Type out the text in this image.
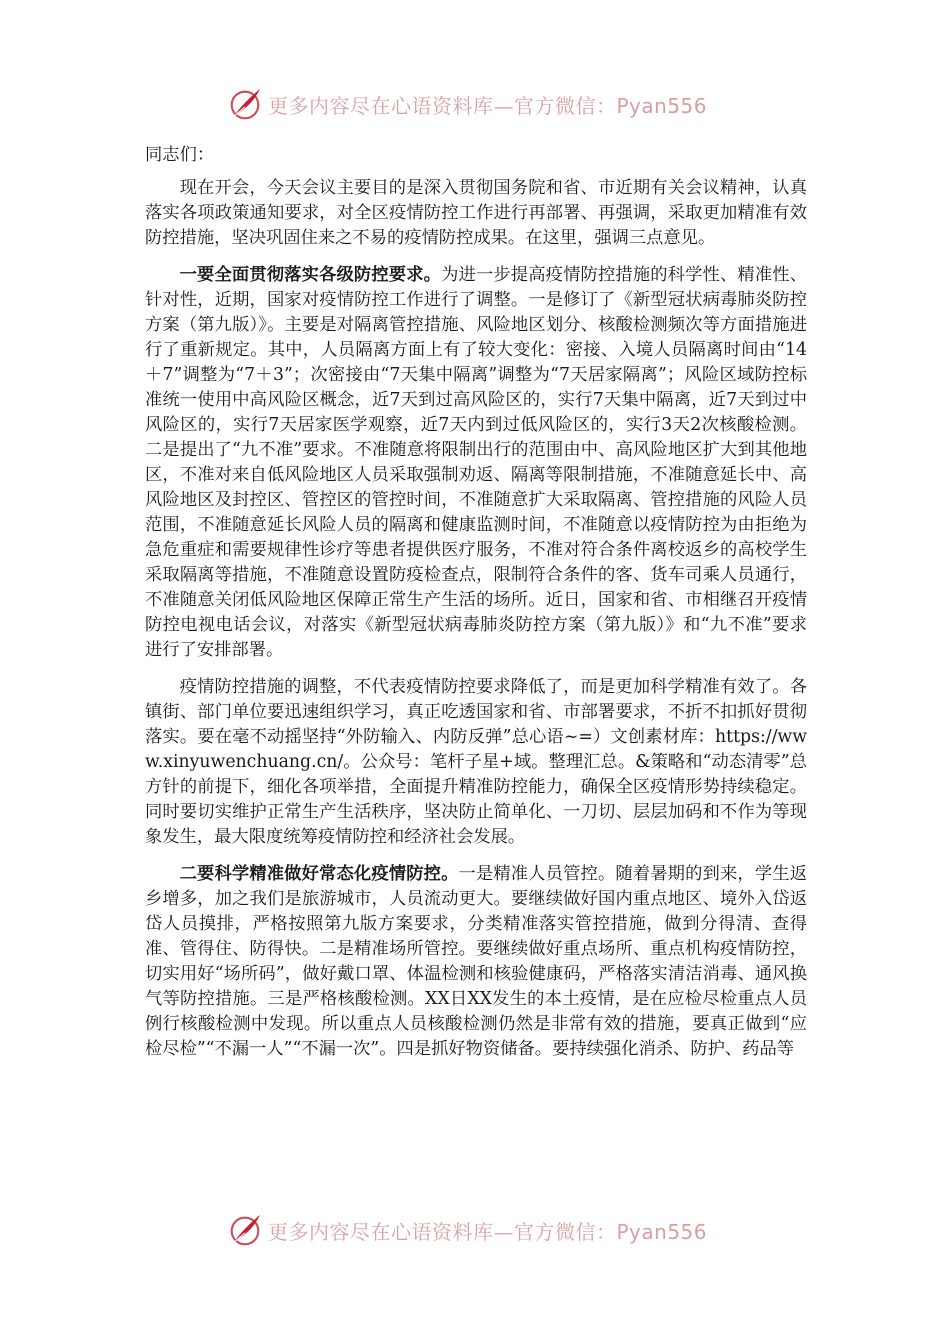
更多内容尽在心语资料库—官方微信：Pyan556

同志们：

现在开会，今天会议主要目的是深入贯彻国务院和省、市近期有关会议精神，认真落实各项政策通知要求，对全区疫情防控工作进行再部署、再强调，采取更加精准有效防控措施，坚决巩固住来之不易的疫情防控成果。在这里，强调三点意见。

一要全面贯彻落实各级防控要求。为进一步提高疫情防控措施的科学性、精准性、针对性，近期，国家对疫情防控工作进行了调整。一是修订了《新型冠状病毒肺炎防控方案（第九版）》。主要是对隔离管控措施、风险地区划分、核酸检测频次等方面措施进行了重新规定。其中，人员隔离方面上有了较大变化：密接、入境人员隔离时间由“14＋7”调整为“7＋3”；次密接由“7天集中隔离”调整为“7天居家隔离”；风险区域防控标准统一使用中高风险区概念，近7天到过高风险区的，实行7天集中隔离，近7天到过中风险区的，实行7天居家医学观察，近7天内到过低风险区的，实行3天2次核酸检测。二是提出了“九不准”要求。不准随意将限制出行的范围由中、高风险地区扩大到其他地区，不准对来自低风险地区人员采取强制劝返、隔离等限制措施，不准随意延长中、高风险地区及封控区、管控区的管控时间，不准随意扩大采取隔离、管控措施的风险人员范围，不准随意延长风险人员的隔离和健康监测时间，不准随意以疫情防控为由拒绝为急危重症和需要规律性诊疗等患者提供医疗服务，不准对符合条件离校返乡的高校学生采取隔离等措施，不准随意设置防疫检查点，限制符合条件的客、货车司乘人员通行，不准随意关闭低风险地区保障正常生产生活的场所。近日，国家和省、市相继召开疫情防控电视电话会议，对落实《新型冠状病毒肺炎防控方案（第九版）》和“九不准”要求进行了安排部署。

疫情防控措施的调整，不代表疫情防控要求降低了，而是更加科学精准有效了。各镇街、部门单位要迅速组织学习，真正吃透国家和省、市部署要求，不折不扣抓好贯彻落实。要在毫不动摇坚持“外防输入、内防反弹”总心语~=）文创素材库：https://www.xinyuwenchuang.cn/。公众号：笔杆子星+域。整理汇总。&策略和“动态清零”总方针的前提下，细化各项举措，全面提升精准防控能力，确保全区疫情形势持续稳定。同时要切实维护正常生产生活秩序，坚决防止简单化、一刀切、层层加码和不作为等现象发生，最大限度统筹疫情防控和经济社会发展。

二要科学精准做好常态化疫情防控。一是精准人员管控。随着暑期的到来，学生返乡增多，加之我们是旅游城市，人员流动更大。要继续做好国内重点地区、境外入岱返岱人员摸排，严格按照第九版方案要求，分类精准落实管控措施，做到分得清、查得准、管得住、防得快。二是精准场所管控。要继续做好重点场所、重点机构疫情防控，切实用好“场所码”，做好戴口罩、体温检测和核验健康码，严格落实清洁消毒、通风换气等防控措施。三是严格核酸检测。XX日XX发生的本土疫情，是在应检尽检重点人员例行核酸检测中发现。所以重点人员核酸检测仍然是非常有效的措施，要真正做到“应检尽检”“不漏一人”“不漏一次”。四是抓好物资储备。要持续强化消杀、防护、药品等

更多内容尽在心语资料库—官方微信：Pyan556
